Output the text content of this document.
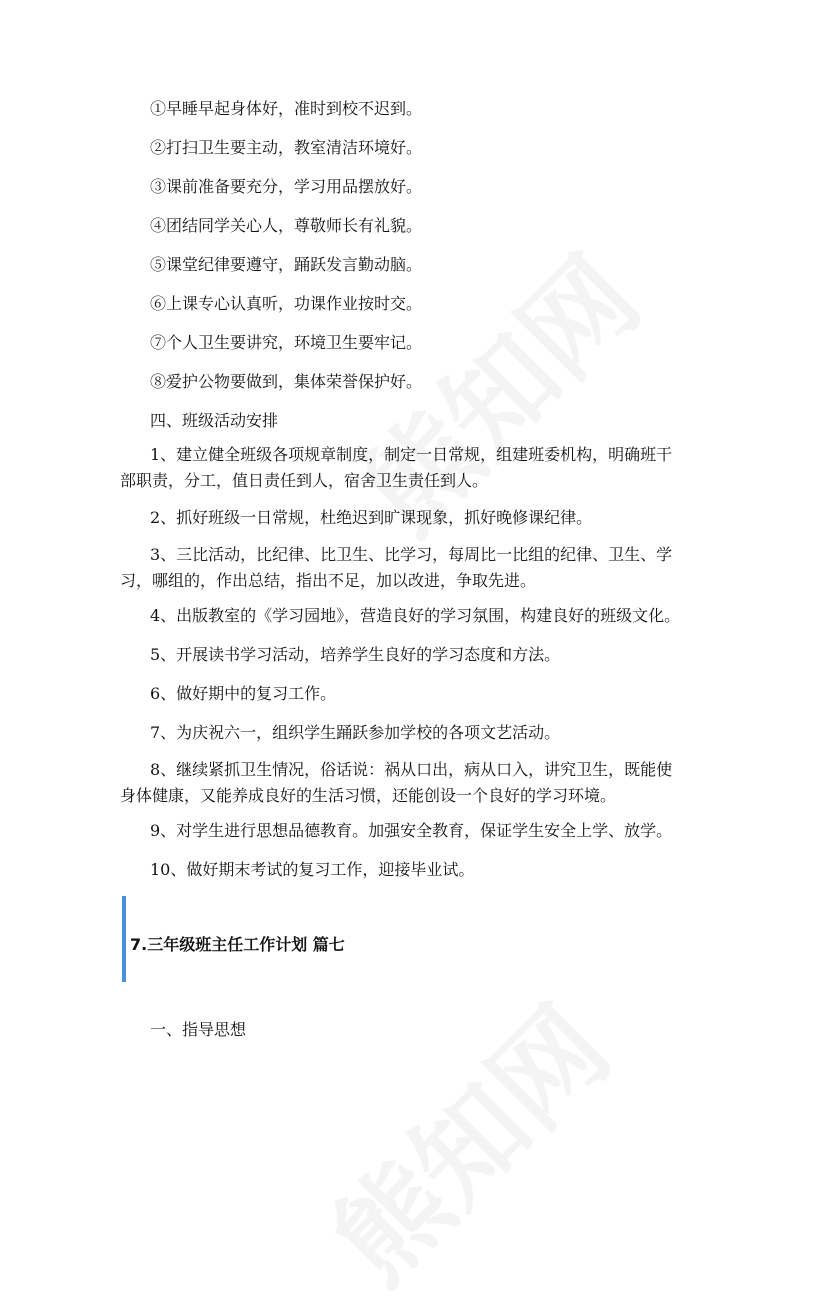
①早睡早起身体好，准时到校不迟到。
②打扫卫生要主动，教室清洁环境好。
③课前准备要充分，学习用品摆放好。
④团结同学关心人，尊敬师长有礼貌。
⑤课堂纪律要遵守，踊跃发言勤动脑。
⑥上课专心认真听，功课作业按时交。
⑦个人卫生要讲究，环境卫生要牢记。
⑧爱护公物要做到，集体荣誉保护好。
四、班级活动安排
1、建立健全班级各项规章制度，制定一日常规，组建班委机构，明确班干
部职责，分工，值日责任到人，宿舍卫生责任到人。
2、抓好班级一日常规，杜绝迟到旷课现象，抓好晚修课纪律。
3、三比活动，比纪律、比卫生、比学习，每周比一比组的纪律、卫生、学
习，哪组的，作出总结，指出不足，加以改进，争取先进。
4、出版教室的《学习园地》，营造良好的学习氛围，构建良好的班级文化。
5、开展读书学习活动，培养学生良好的学习态度和方法。
6、做好期中的复习工作。
7、为庆祝六一，组织学生踊跃参加学校的各项文艺活动。
8、继续紧抓卫生情况，俗话说：祸从口出，病从口入，讲究卫生，既能使
身体健康，又能养成良好的生活习惯，还能创设一个良好的学习环境。
9、对学生进行思想品德教育。加强安全教育，保证学生安全上学、放学。
10、做好期末考试的复习工作，迎接毕业试。
7.三年级班主任工作计划 篇七
一、指导思想
